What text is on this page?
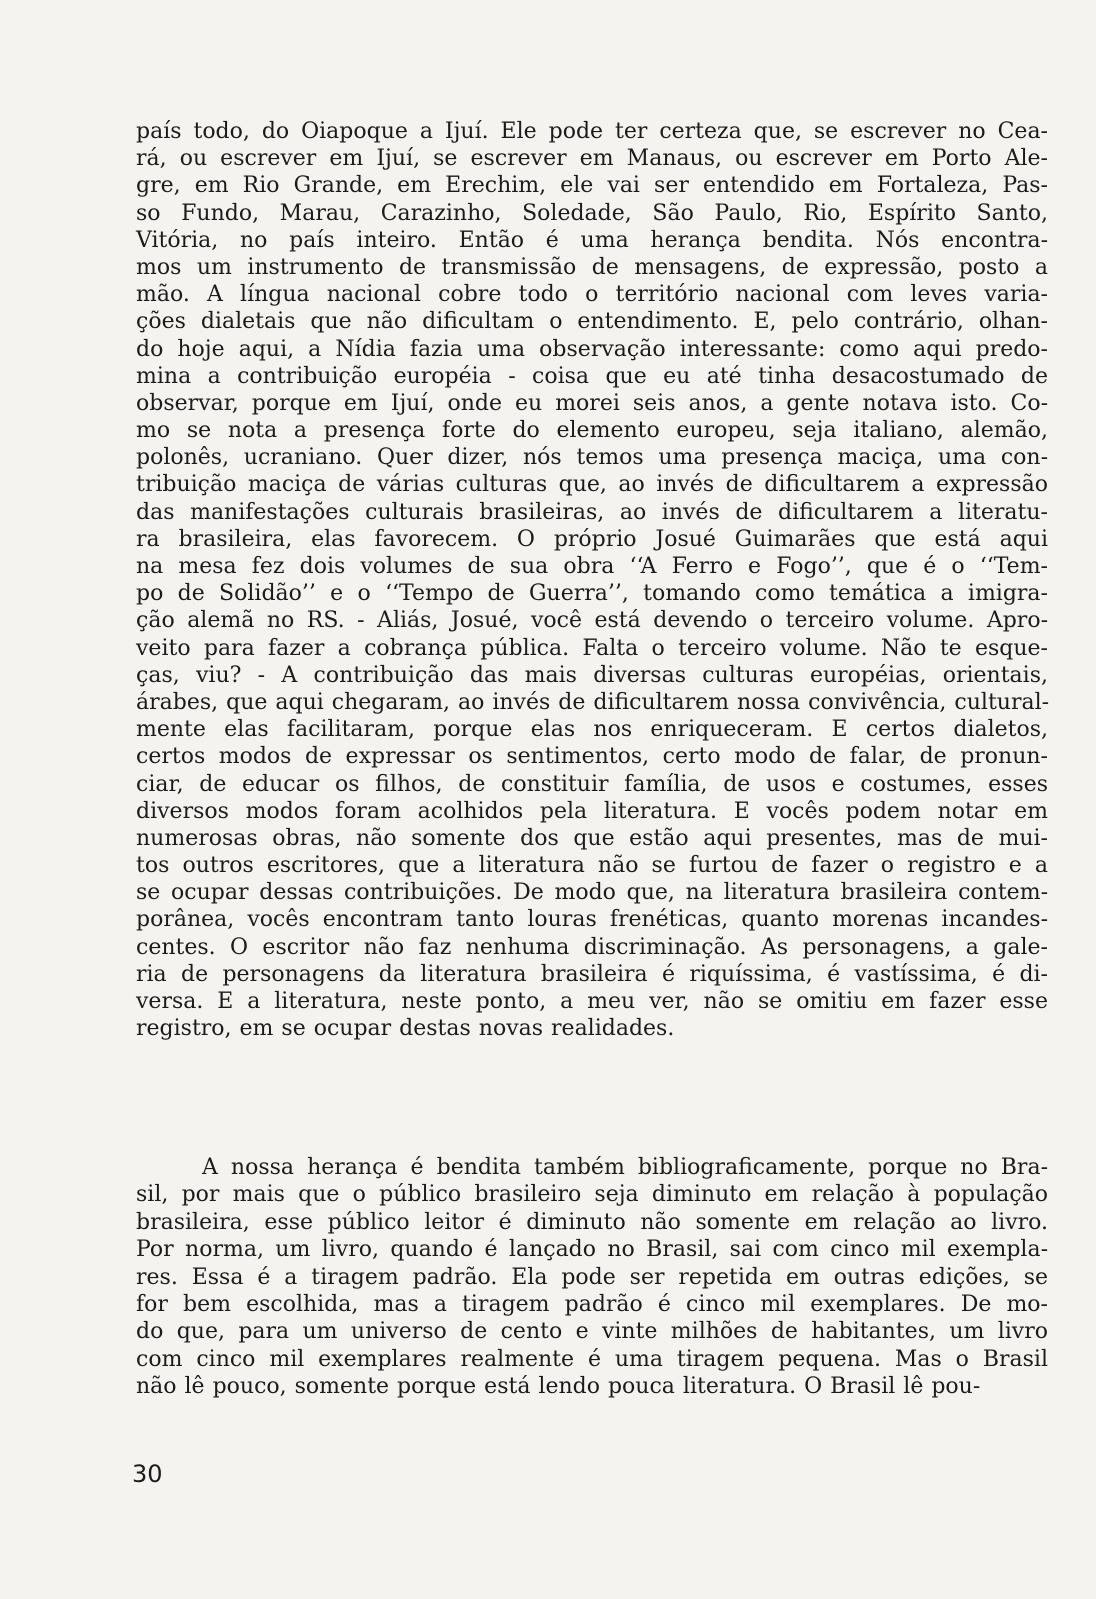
país todo, do Oiapoque a Ijuí. Ele pode ter certeza que, se escrever no Cea-
rá, ou escrever em Ijuí, se escrever em Manaus, ou escrever em Porto Ale-
gre, em Rio Grande, em Erechim, ele vai ser entendido em Fortaleza, Pas-
so Fundo, Marau, Carazinho, Soledade, São Paulo, Rio, Espírito Santo,
Vitória, no país inteiro. Então é uma herança bendita. Nós encontra-
mos um instrumento de transmissão de mensagens, de expressão, posto a
mão. A língua nacional cobre todo o território nacional com leves varia-
ções dialetais que não dificultam o entendimento. E, pelo contrário, olhan-
do hoje aqui, a Nídia fazia uma observação interessante: como aqui predo-
mina a contribuição européia - coisa que eu até tinha desacostumado de
observar, porque em Ijuí, onde eu morei seis anos, a gente notava isto. Co-
mo se nota a presença forte do elemento europeu, seja italiano, alemão,
polonês, ucraniano. Quer dizer, nós temos uma presença maciça, uma con-
tribuição maciça de várias culturas que, ao invés de dificultarem a expressão
das manifestações culturais brasileiras, ao invés de dificultarem a literatu-
ra brasileira, elas favorecem. O próprio Josué Guimarães que está aqui
na mesa fez dois volumes de sua obra ‘‘A Ferro e Fogo’’, que é o ‘‘Tem-
po de Solidão’’ e o ‘‘Tempo de Guerra’’, tomando como temática a imigra-
ção alemã no RS. - Aliás, Josué, você está devendo o terceiro volume. Apro-
veito para fazer a cobrança pública. Falta o terceiro volume. Não te esque-
ças, viu? - A contribuição das mais diversas culturas européias, orientais,
árabes, que aqui chegaram, ao invés de dificultarem nossa convivência, cultural-
mente elas facilitaram, porque elas nos enriqueceram. E certos dialetos,
certos modos de expressar os sentimentos, certo modo de falar, de pronun-
ciar, de educar os filhos, de constituir família, de usos e costumes, esses
diversos modos foram acolhidos pela literatura. E vocês podem notar em
numerosas obras, não somente dos que estão aqui presentes, mas de mui-
tos outros escritores, que a literatura não se furtou de fazer o registro e a
se ocupar dessas contribuições. De modo que, na literatura brasileira contem-
porânea, vocês encontram tanto louras frenéticas, quanto morenas incandes-
centes. O escritor não faz nenhuma discriminação. As personagens, a gale-
ria de personagens da literatura brasileira é riquíssima, é vastíssima, é di-
versa. E a literatura, neste ponto, a meu ver, não se omitiu em fazer esse
registro, em se ocupar destas novas realidades.
A nossa herança é bendita também bibliograficamente, porque no Bra-
sil, por mais que o público brasileiro seja diminuto em relação à população
brasileira, esse público leitor é diminuto não somente em relação ao livro.
Por norma, um livro, quando é lançado no Brasil, sai com cinco mil exempla-
res. Essa é a tiragem padrão. Ela pode ser repetida em outras edições, se
for bem escolhida, mas a tiragem padrão é cinco mil exemplares. De mo-
do que, para um universo de cento e vinte milhões de habitantes, um livro
com cinco mil exemplares realmente é uma tiragem pequena. Mas o Brasil
não lê pouco, somente porque está lendo pouca literatura. O Brasil lê pou-
30
